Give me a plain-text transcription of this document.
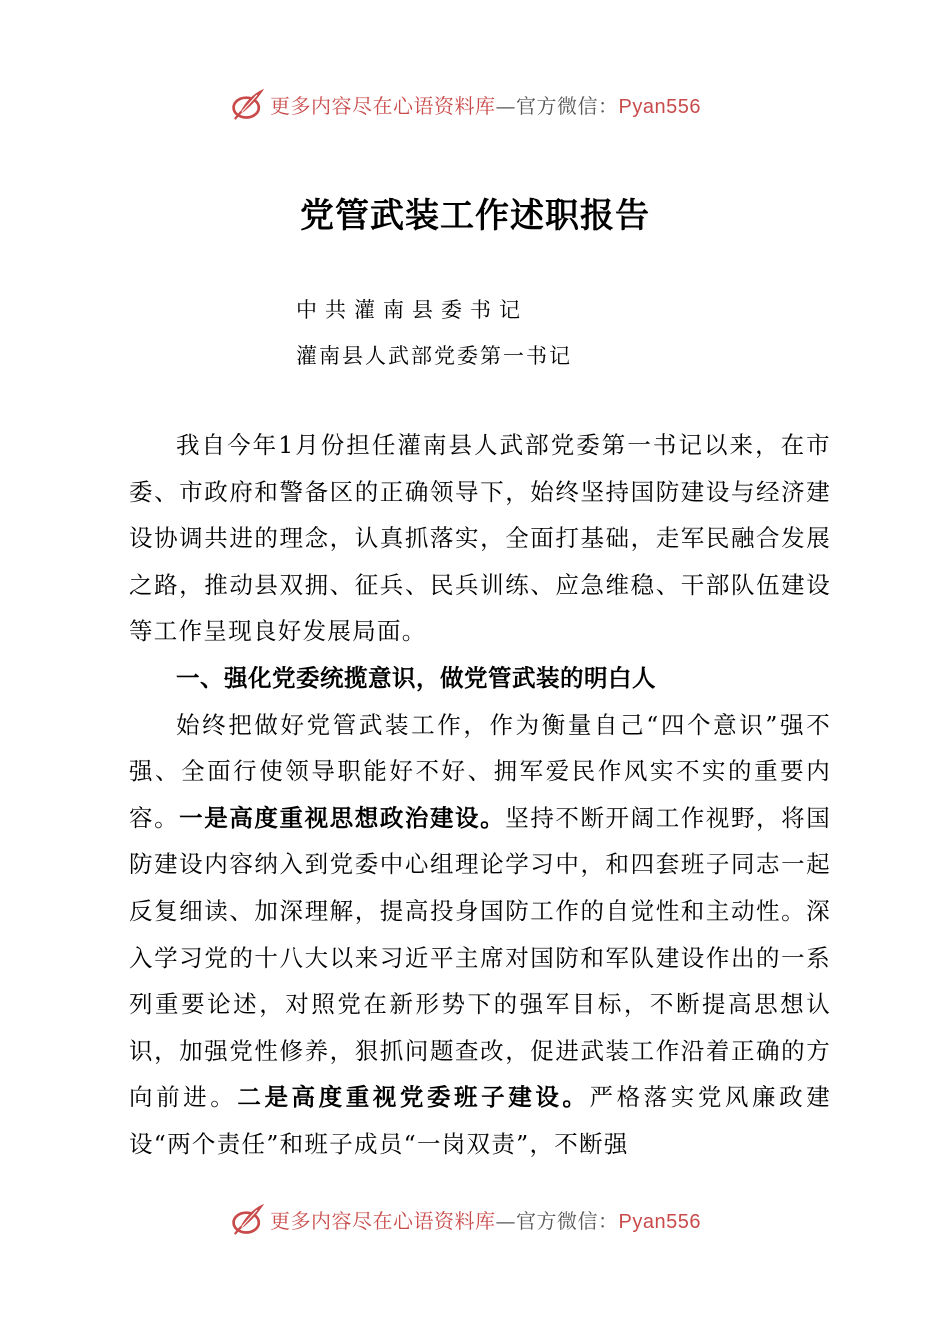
更多内容尽在心语资料库—官方微信：Pyan556
党管武装工作述职报告
中共灌南县委书记
灌南县人武部党委第一书记

我自今年1月份担任灌南县人武部党委第一书记以来，在市委、市政府和警备区的正确领导下，始终坚持国防建设与经济建设协调共进的理念，认真抓落实，全面打基础，走军民融合发展之路，推动县双拥、征兵、民兵训练、应急维稳、干部队伍建设等工作呈现良好发展局面。

一、强化党委统揽意识，做党管武装的明白人

始终把做好党管武装工作，作为衡量自己“四个意识”强不强、全面行使领导职能好不好、拥军爱民作风实不实的重要内容。一是高度重视思想政治建设。坚持不断开阔工作视野，将国防建设内容纳入到党委中心组理论学习中，和四套班子同志一起反复细读、加深理解，提高投身国防工作的自觉性和主动性。深入学习党的十八大以来习近平主席对国防和军队建设作出的一系列重要论述，对照党在新形势下的强军目标，不断提高思想认识，加强党性修养，狠抓问题查改，促进武装工作沿着正确的方向前进。二是高度重视党委班子建设。严格落实党风廉政建设“两个责任”和班子成员“一岗双责”，不断强

更多内容尽在心语资料库—官方微信：Pyan556
